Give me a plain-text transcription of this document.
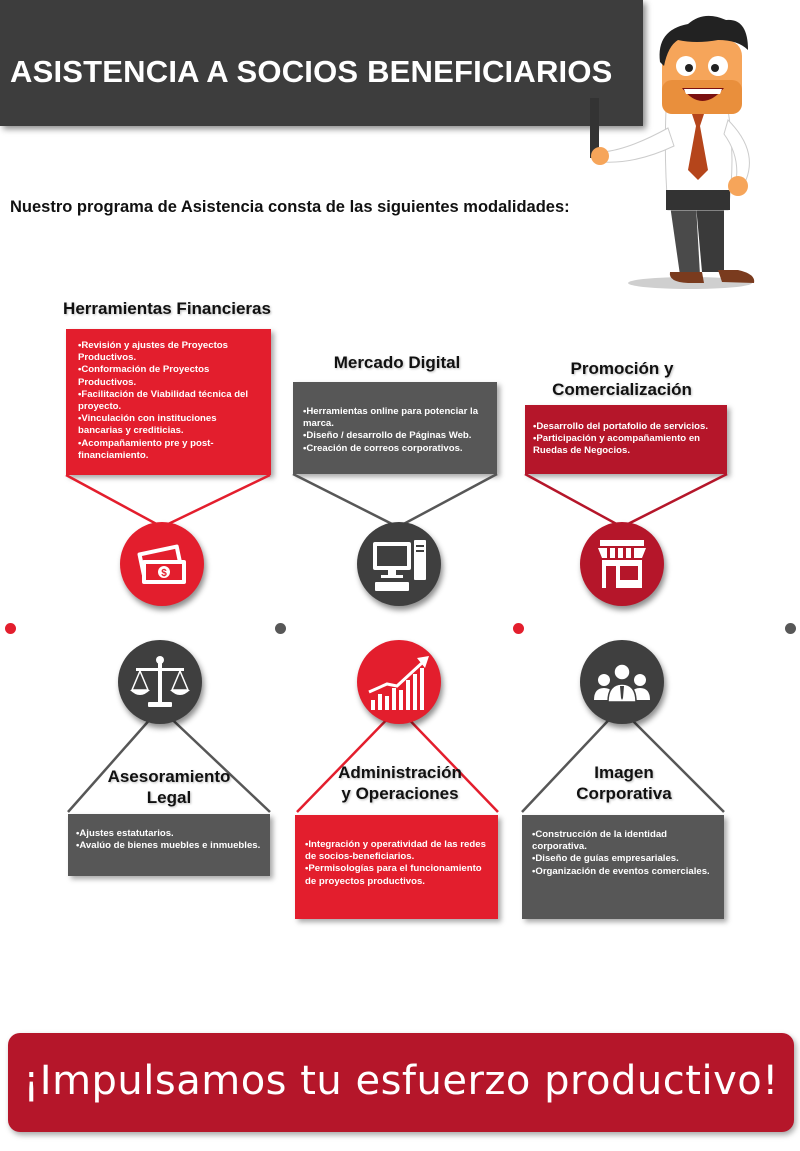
ASISTENCIA A SOCIOS BENEFICIARIOS
Nuestro programa de Asistencia consta de las siguientes modalidades:
Herramientas Financieras
•Revisión y ajustes de Proyectos Productivos.
•Conformación de Proyectos Productivos.
•Facilitación de Viabilidad técnica del proyecto.
•Vinculación con instituciones bancarias y crediticias.
•Acompañamiento pre y post-financiamiento.
Mercado Digital
•Herramientas online para potenciar la marca.
•Diseño / desarrollo de Páginas Web.
•Creación de correos corporativos.
Promoción y
Comercialización
•Desarrollo del portafolio de servicios.
•Participación y acompañamiento en Ruedas de Negocios.
$
Asesoramiento
Legal
•Ajustes estatutarios.
•Avalúo de bienes muebles e inmuebles.
Administración
y Operaciones
•Integración y operatividad de las redes de socios-beneficiarios.
•Permisologías para el funcionamiento de proyectos productivos.
Imagen
Corporativa
•Construcción de la identidad corporativa.
•Diseño de guías empresariales.
•Organización de eventos comerciales.
¡Impulsamos tu esfuerzo productivo!
